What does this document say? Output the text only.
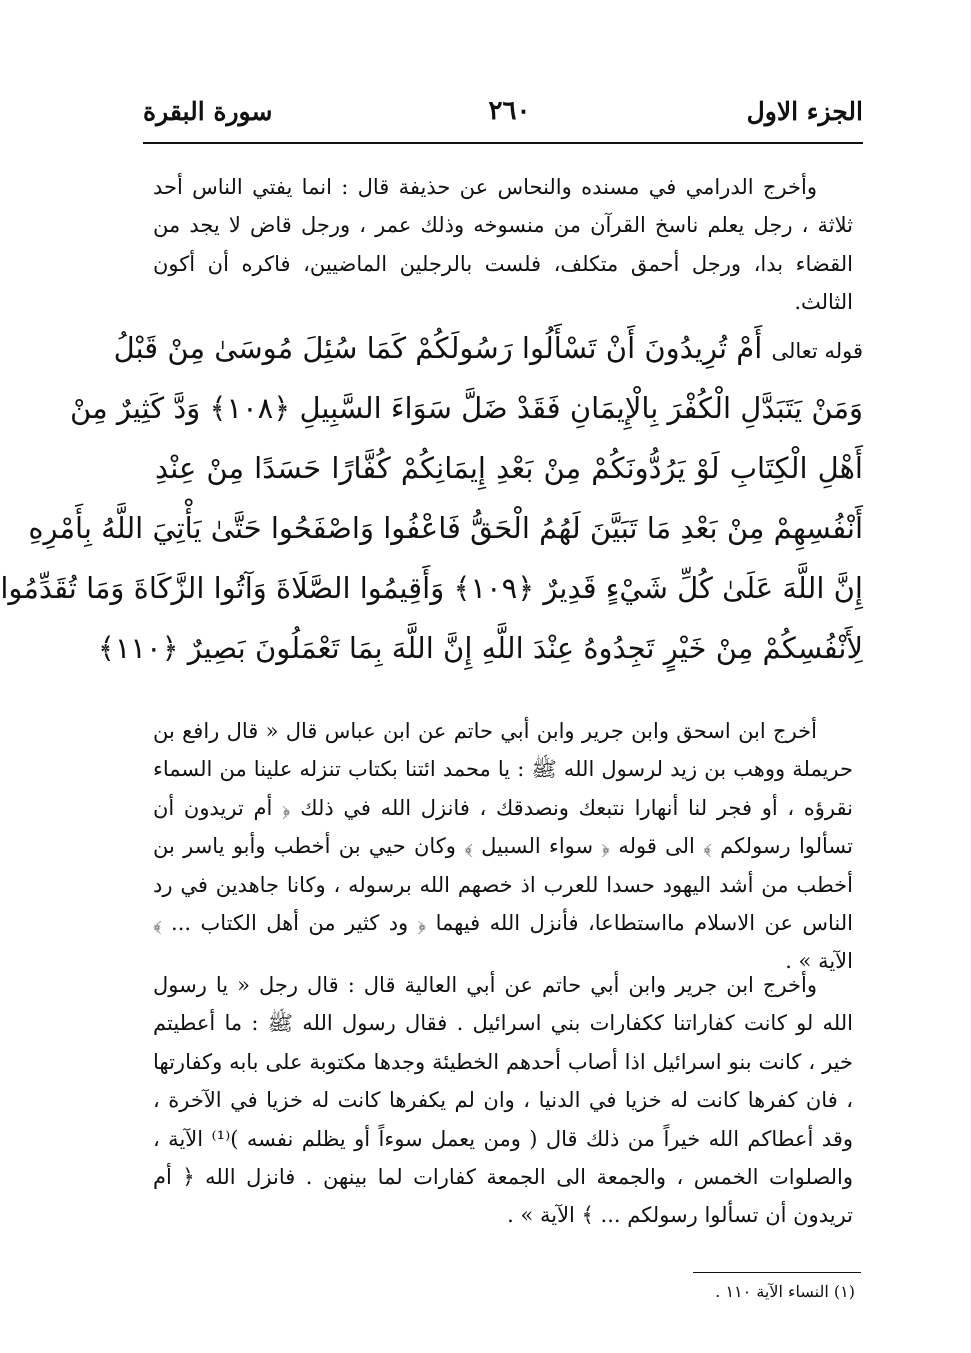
الجزء الاول
٢٦٠
سورة البقرة

وأخرج الدرامي في مسنده والنحاس عن حذيفة قال : انما يفتي الناس أحد ثلاثة ، رجل يعلم ناسخ القرآن من منسوخه وذلك عمر ، ورجل قاض لا يجد من القضاء بدا، ورجل أحمق متكلف، فلست بالرجلين الماضيين، فاكره أن أكون الثالث.

قوله تعالى أَمْ تُرِيدُونَ أَنْ تَسْأَلُوا رَسُولَكُمْ كَمَا سُئِلَ مُوسَىٰ مِنْ قَبْلُ
وَمَنْ يَتَبَدَّلِ الْكُفْرَ بِالْإِيمَانِ فَقَدْ ضَلَّ سَوَاءَ السَّبِيلِ ﴿١٠٨﴾ وَدَّ كَثِيرٌ مِنْ
أَهْلِ الْكِتَابِ لَوْ يَرُدُّونَكُمْ مِنْ بَعْدِ إِيمَانِكُمْ كُفَّارًا حَسَدًا مِنْ عِنْدِ
أَنْفُسِهِمْ مِنْ بَعْدِ مَا تَبَيَّنَ لَهُمُ الْحَقُّ فَاعْفُوا وَاصْفَحُوا حَتَّىٰ يَأْتِيَ اللَّهُ بِأَمْرِهِ
إِنَّ اللَّهَ عَلَىٰ كُلِّ شَيْءٍ قَدِيرٌ ﴿١٠٩﴾ وَأَقِيمُوا الصَّلَاةَ وَآتُوا الزَّكَاةَ وَمَا تُقَدِّمُوا
لِأَنْفُسِكُمْ مِنْ خَيْرٍ تَجِدُوهُ عِنْدَ اللَّهِ إِنَّ اللَّهَ بِمَا تَعْمَلُونَ بَصِيرٌ ﴿١١٠﴾

أخرج ابن اسحق وابن جرير وابن أبي حاتم عن ابن عباس قال « قال رافع بن حريملة ووهب بن زيد لرسول الله ﷺ : يا محمد ائتنا بكتاب تنزله علينا من السماء نقرؤه ، أو فجر لنا أنهارا نتبعك ونصدقك ، فانزل الله في ذلك ﴿ أم تريدون أن تسألوا رسولكم ﴾ الى قوله ﴿ سواء السبيل ﴾ وكان حيي بن أخطب وأبو ياسر بن أخطب من أشد اليهود حسدا للعرب اذ خصهم الله برسوله ، وكانا جاهدين في رد الناس عن الاسلام مااستطاعا، فأنزل الله فيهما ﴿ ود كثير من أهل الكتاب ... ﴾ الآية » .

وأخرج ابن جرير وابن أبي حاتم عن أبي العالية قال : قال رجل « يا رسول الله لو كانت كفاراتنا ككفارات بني اسرائيل . فقال رسول الله ﷺ : ما أعطيتم خير ، كانت بنو اسرائيل اذا أصاب أحدهم الخطيئة وجدها مكتوبة على بابه وكفارتها ، فان كفرها كانت له خزيا في الدنيا ، وان لم يكفرها كانت له خزيا في الآخرة ، وقد أعطاكم الله خيراً من ذلك قال ( ومن يعمل سوءاً أو يظلم نفسه )⁽¹⁾ الآية ، والصلوات الخمس ، والجمعة الى الجمعة كفارات لما بينهن . فانزل الله ﴿ أم تريدون أن تسألوا رسولكم ... ﴾ الآية » .

(١) النساء الآية ١١٠ .
